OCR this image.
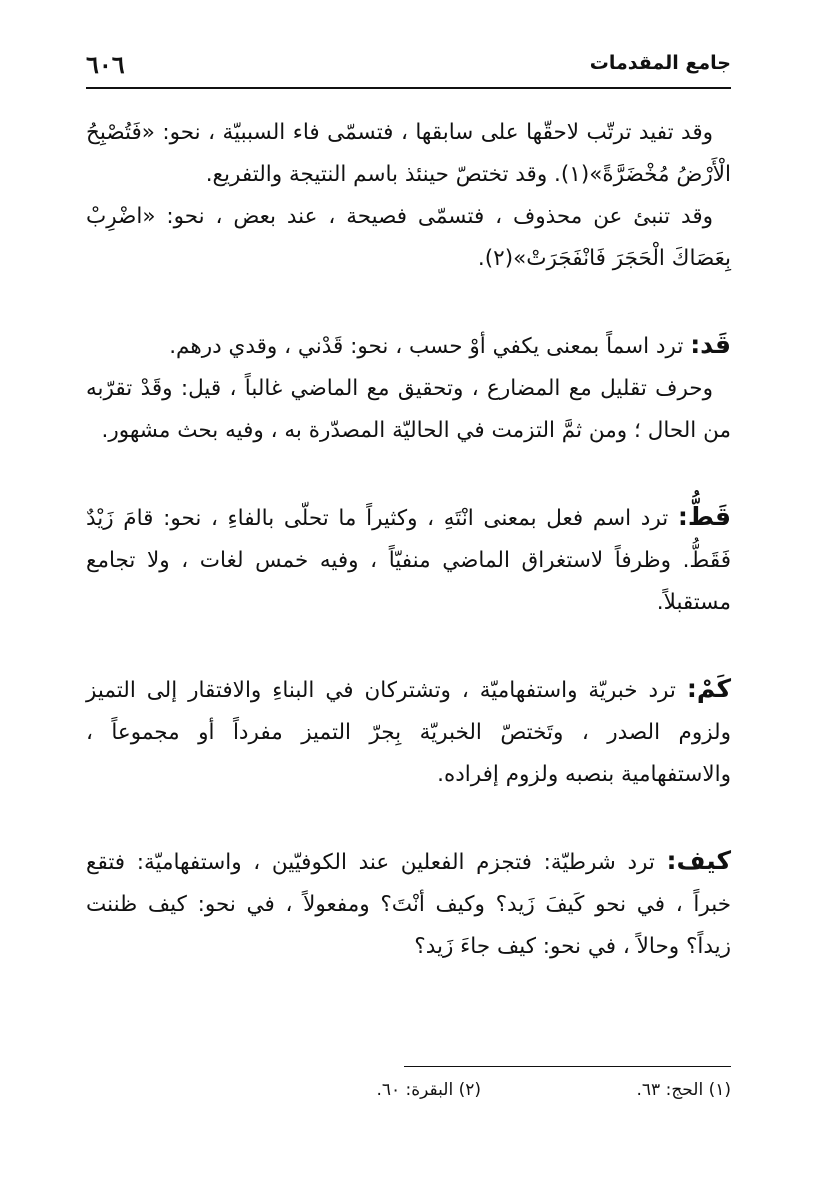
٦٠٦	جامع المقدمات

وقد تفيد ترتّب لاحقّها على سابقها ، فتسمّى فاء السببيّة ، نحو: «فَتُصْبِحُ الْأَرْضُ مُخْضَرَّةً»(١). وقد تختصّ حينئذ باسم النتيجة والتفريع.

وقد تنبئ عن محذوف ، فتسمّى فصيحة ، عند بعض ، نحو: «اضْرِبْ بِعَصَاكَ الْحَجَرَ فَانْفَجَرَتْ»(٢).

قَد: ترد اسماً بمعنى يكفي أوْ حسب ، نحو: قَدْني ، وقدي درهم.

وحرف تقليل مع المضارع ، وتحقيق مع الماضي غالباً ، قيل: وقَدْ تقرّبه من الحال ؛ ومن ثمَّ التزمت في الحاليّة المصدّرة به ، وفيه بحث مشهور.

قَطُّ: ترد اسم فعل بمعنى انْتَهِ ، وكثيراً ما تحلّى بالفاءِ ، نحو: قامَ زَيْدٌ فَقَطُّ. وظرفاً لاستغراق الماضي منفيّاً ، وفيه خمس لغات ، ولا تجامع مستقبلاً.

كَمْ: ترد خبريّة واستفهاميّة ، وتشتركان في البناءِ والافتقار إلى التميز ولزوم الصدر ، وتَختصّ الخبريّة بِجرّ التميز مفرداً أو مجموعاً ، والاستفهامية بنصبه ولزوم إفراده.

كيف: ترد شرطيّة: فتجزم الفعلين عند الكوفيّين ، واستفهاميّة: فتقع خبراً ، في نحو كَيفَ زَيد؟ وكيف أنْتَ؟ ومفعولاً ، في نحو: كيف ظننت زيداً؟ وحالاً ، في نحو: كيف جاءَ زَيد؟

(١) الحج: ٦٣.
(٢) البقرة: ٦٠.
